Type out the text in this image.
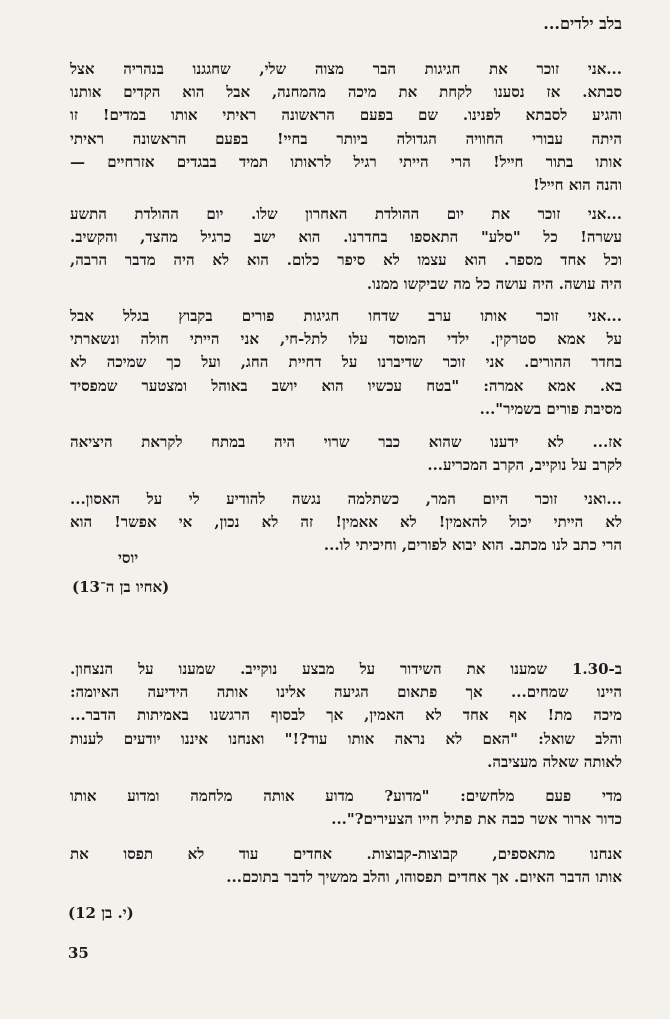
בלב ילדים...
...אני זוכר את חגיגות הבר מצוה שלי, שחגגנו בנהריה אצל
סבתא. אז נסענו לקחת את מיכה מהמחנה, אבל הוא הקדים אותנו
והגיע לסבתא לפנינו. שם בפעם הראשונה ראיתי אותו במדים! זו
היתה עבורי החוויה הגדולה ביותר בחיי! בפעם הראשונה ראיתי
אותו בתור חייל! הרי הייתי רגיל לראותו תמיד בבגדים אזרחיים —
והנה הוא חייל!
...אני זוכר את יום ההולדת האחרון שלו. יום ההולדת התשע
עשרה! כל "סלע" התאספו בחדרנו. הוא ישב כרגיל מהצד, והקשיב.
וכל אחד מספר. הוא עצמו לא סיפר כלום. הוא לא היה מדבר הרבה,
היה עושה. היה עושה כל מה שביקשו ממנו.
...אני זוכר אותו ערב שדחו חגיגות פורים בקבוץ בגלל אבל
על אמא סטרקין. ילדי המוסד עלו לתל-חי, אני הייתי חולה ונשארתי
בחדר ההורים. אני זוכר שדיברנו על דחיית החג, ועל כך שמיכה לא
בא. אמא אמרה: "בטח עכשיו הוא יושב באוהל ומצטער שמפסיד
מסיבת פורים בשמיר"...
אז... לא ידענו שהוא כבר שרוי היה במתח לקראת היציאה
לקרב על נוקייב, הקרב המכריע...
...ואני זוכר היום המר, כשתלמה נגשה להודיע לי על האסון...
לא הייתי יכול להאמין! לא אאמין! זה לא נכון, אי אפשר! הוא
הרי כתב לנו מכתב. הוא יבוא לפורים, וחיכיתי לו...
ב-1.30 שמענו את השידור על מבצע נוקייב. שמענו על הנצחון.
היינו שמחים... אך פתאום הגיעה אלינו אותה הידיעה האיומה:
מיכה מת! אף אחד לא האמין, אך לבסוף הרגשנו באמיתות הדבר...
והלב שואל: "האם לא נראה אותו עוד?!" ואנחנו איננו יודעים לענות
לאותה שאלה מעציבה.
מדי פעם מלחשים: "מדוע? מדוע אותה מלחמה ומדוע אותו
כדור ארור אשר כבה את פתיל חייו הצעירים?"...
אנחנו מתאספים, קבוצות-קבוצות. אחדים עוד לא תפסו את
אותו הדבר האיום. אך אחדים תפסוהו, והלב ממשיך לדבר בתוכם...
יוסי
(אחיו בן ה־13)
(י. בן 12)
35
